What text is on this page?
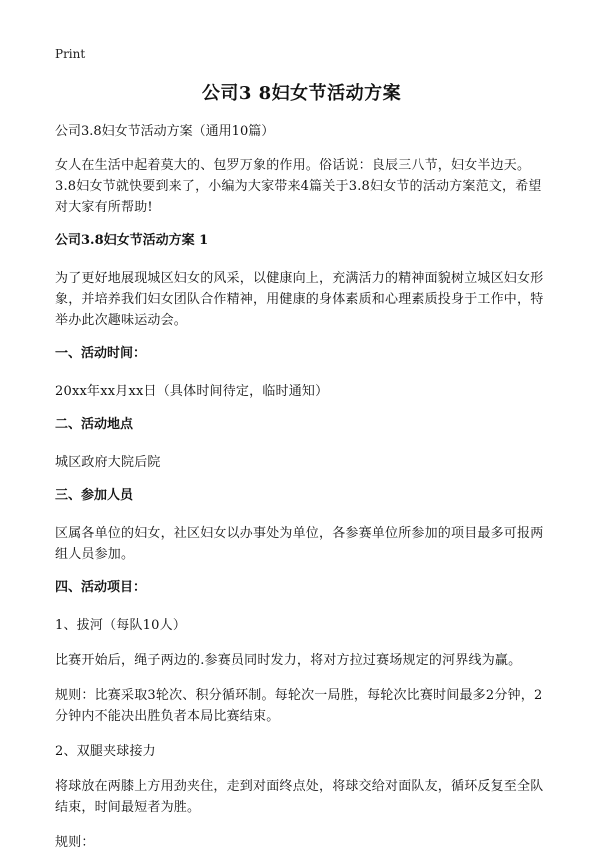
Print
公司3 8妇女节活动方案
公司3.8妇女节活动方案（通用10篇）

女人在生活中起着莫大的、包罗万象的作用。俗话说：良辰三八节，妇女半边天。3.8妇女节就快要到来了，小编为大家带来4篇关于3.8妇女节的活动方案范文，希望对大家有所帮助!

公司3.8妇女节活动方案 1

为了更好地展现城区妇女的风采，以健康向上，充满活力的精神面貌树立城区妇女形象，并培养我们妇女团队合作精神，用健康的身体素质和心理素质投身于工作中，特举办此次趣味运动会。

一、活动时间：

20xx年xx月xx日（具体时间待定，临时通知）

二、活动地点

城区政府大院后院

三、参加人员

区属各单位的妇女，社区妇女以办事处为单位，各参赛单位所参加的项目最多可报两组人员参加。

四、活动项目：

1、拔河（每队10人）

比赛开始后，绳子两边的.参赛员同时发力，将对方拉过赛场规定的河界线为赢。

规则：比赛采取3轮次、积分循环制。每轮次一局胜，每轮次比赛时间最多2分钟，2分钟内不能决出胜负者本局比赛结束。

2、双腿夹球接力

将球放在两膝上方用劲夹住，走到对面终点处，将球交给对面队友，循环反复至全队结束，时间最短者为胜。

规则：
